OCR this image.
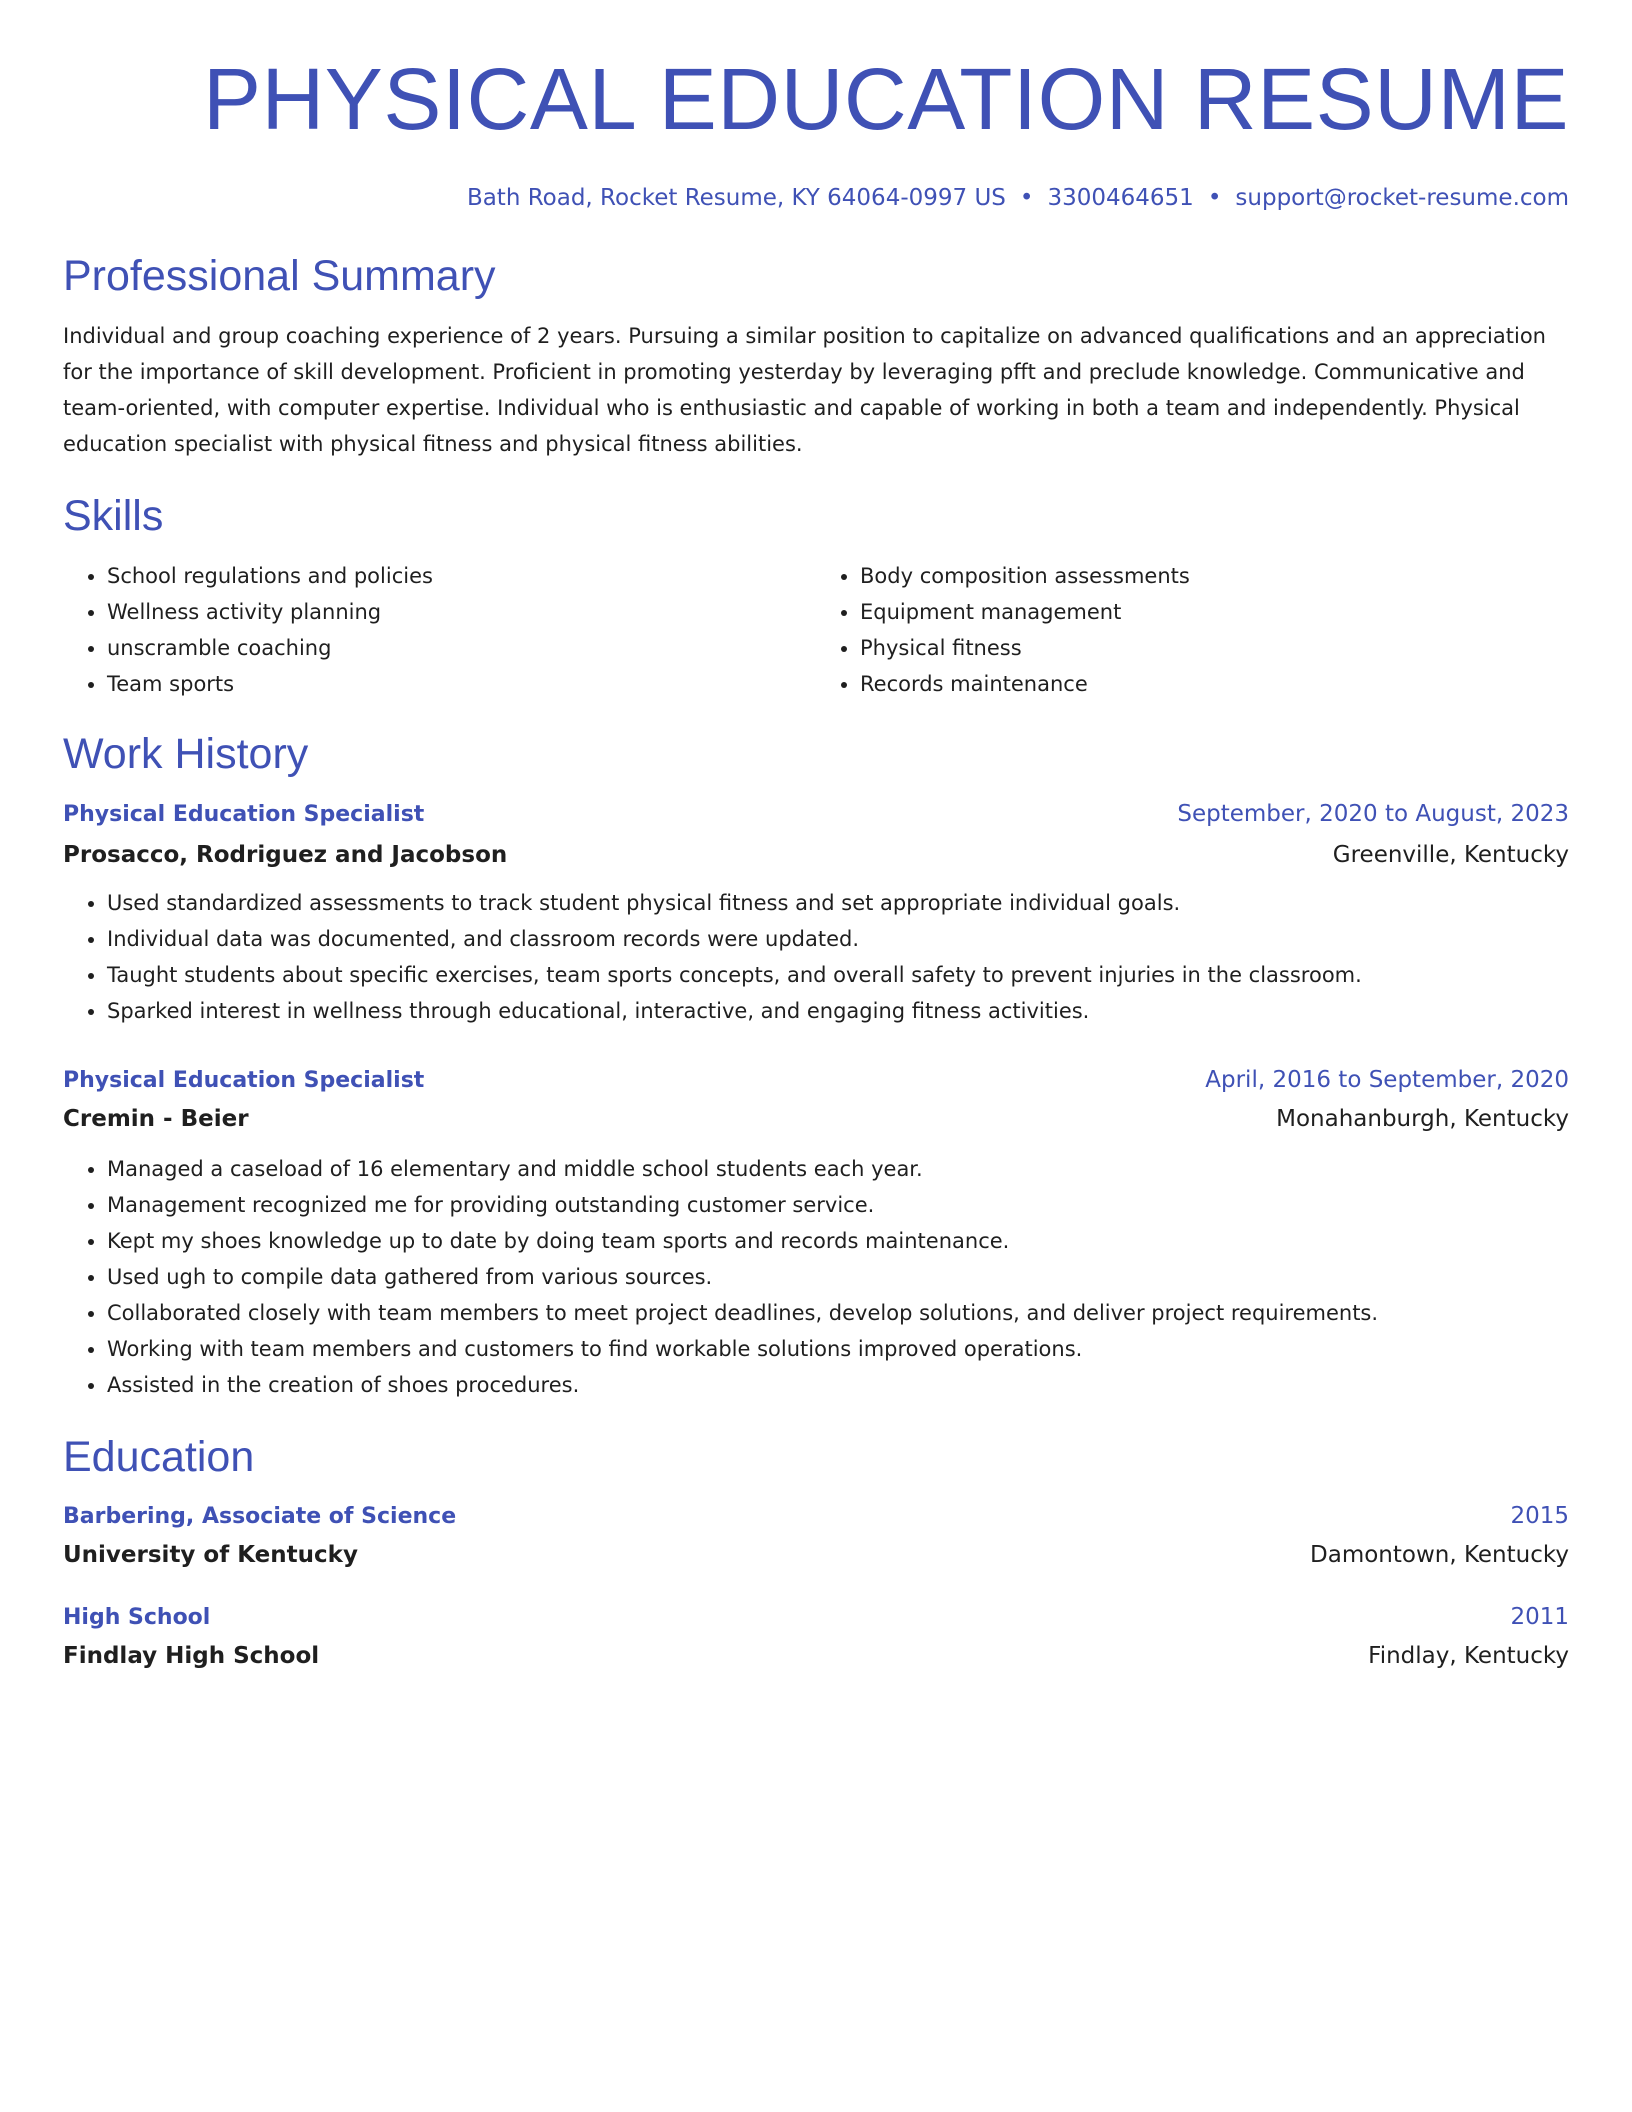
PHYSICAL EDUCATION RESUME
Bath Road, Rocket Resume, KY 64064-0997 US • 3300464651 • support@rocket-resume.com
Professional Summary
Individual and group coaching experience of 2 years. Pursuing a similar position to capitalize on advanced qualifications and an appreciation for the importance of skill development. Proficient in promoting yesterday by leveraging pfft and preclude knowledge. Communicative and team-oriented, with computer expertise. Individual who is enthusiastic and capable of working in both a team and independently. Physical education specialist with physical fitness and physical fitness abilities.
Skills
• School regulations and policies
• Wellness activity planning
• unscramble coaching
• Team sports
• Body composition assessments
• Equipment management
• Physical fitness
• Records maintenance
Work History
Physical Education Specialist	September, 2020 to August, 2023
Prosacco, Rodriguez and Jacobson	Greenville, Kentucky
• Used standardized assessments to track student physical fitness and set appropriate individual goals.
• Individual data was documented, and classroom records were updated.
• Taught students about specific exercises, team sports concepts, and overall safety to prevent injuries in the classroom.
• Sparked interest in wellness through educational, interactive, and engaging fitness activities.
Physical Education Specialist	April, 2016 to September, 2020
Cremin - Beier	Monahanburgh, Kentucky
• Managed a caseload of 16 elementary and middle school students each year.
• Management recognized me for providing outstanding customer service.
• Kept my shoes knowledge up to date by doing team sports and records maintenance.
• Used ugh to compile data gathered from various sources.
• Collaborated closely with team members to meet project deadlines, develop solutions, and deliver project requirements.
• Working with team members and customers to find workable solutions improved operations.
• Assisted in the creation of shoes procedures.
Education
Barbering, Associate of Science	2015
University of Kentucky	Damontown, Kentucky
High School	2011
Findlay High School	Findlay, Kentucky
